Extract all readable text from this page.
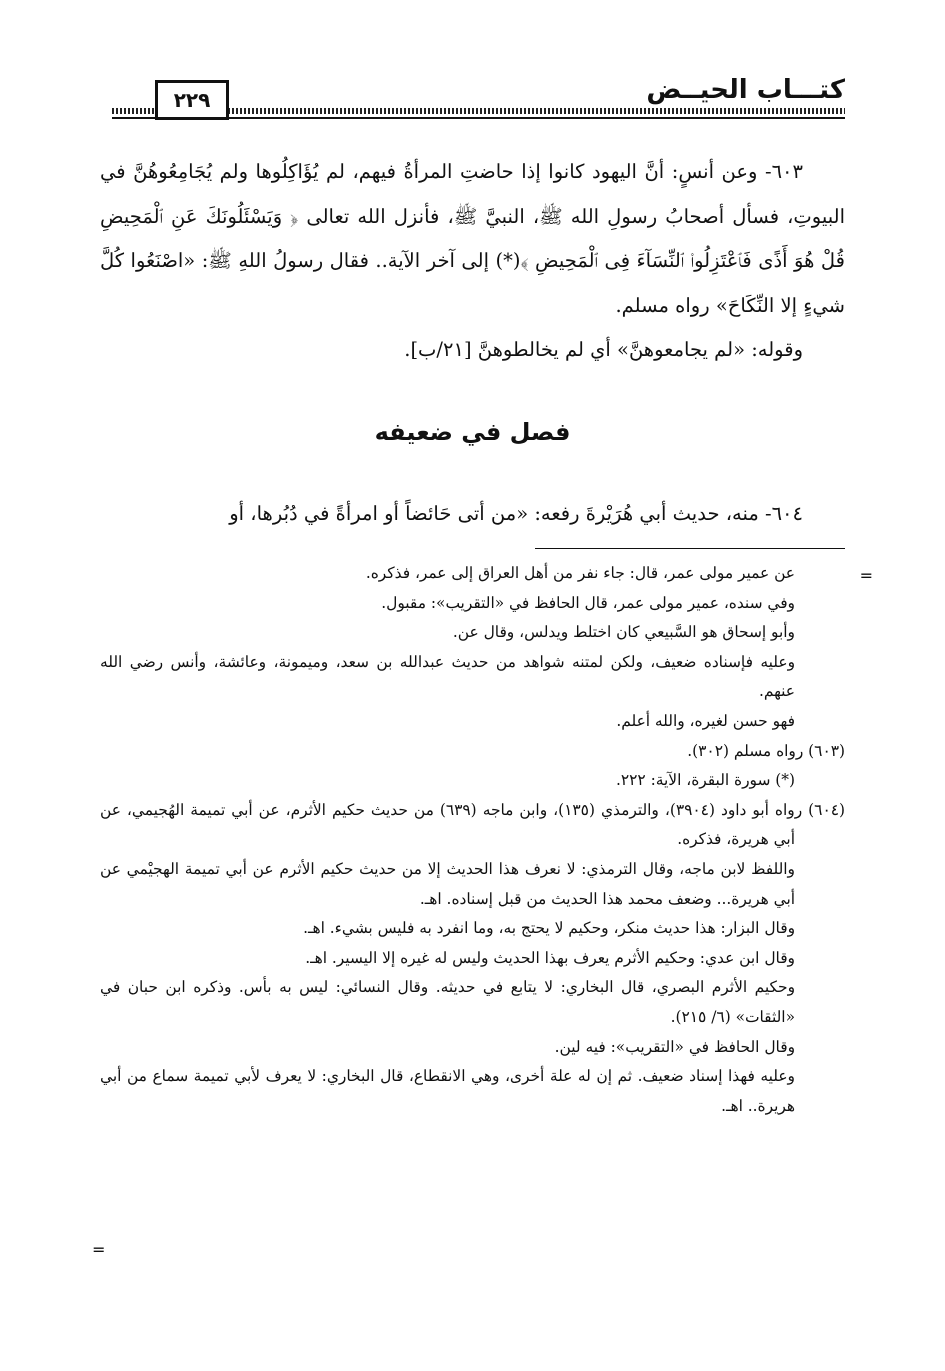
كتـــاب الحيــض
٢٢٩

٦٠٣- وعن أنسٍ: أنَّ اليهود كانوا إذا حاضتِ المرأةُ فيهم، لم يُؤَاكِلُوها ولم يُجَامِعُوهُنَّ في البيوتِ، فسأل أصحابُ رسولِ الله ﷺ، النبيَّ ﷺ، فأنزل الله تعالى ﴿ وَيَسْئَلُونَكَ عَنِ ٱلْمَحِيضِ قُلْ هُوَ أَذًى فَٱعْتَزِلُوا۟ ٱلنِّسَآءَ فِى ٱلْمَحِيضِ ﴾(*) إلى آخر الآية.. فقال رسولُ اللهِ ﷺ: «اصْنَعُوا كُلَّ شيءٍ إلا النِّكَاحَ» رواه مسلم.

وقوله: «لم يجامعوهنَّ» أي لم يخالطوهنَّ [٢١/ب].

فصل في ضعيفه
٦٠٤- منه، حديث أبي هُرَيْرةَ رفعه: «من أتى حَائضاً أو امرأةً في دُبُرها، أو
=

عن عمير مولى عمر، قال: جاء نفر من أهل العراق إلى عمر، فذكره.

وفي سنده، عمير مولى عمر، قال الحافظ في «التقريب»: مقبول.

وأبو إسحاق هو السَّبيعي كان اختلط ويدلس، وقال عن.

وعليه فإسناده ضعيف، ولكن لمتنه شواهد من حديث عبدالله بن سعد، وميمونة، وعائشة، وأنس رضي الله عنهم.

فهو حسن لغيره، والله أعلم.

(٦٠٣) رواه مسلم (٣٠٢).

(*) سورة البقرة، الآية: ٢٢٢.

(٦٠٤) رواه أبو داود (٣٩٠٤)، والترمذي (١٣٥)، وابن ماجه (٦٣٩) من حديث حكيم الأثرم، عن أبي تميمة الهُجيمي، عن أبي هريرة، فذكره.

واللفظ لابن ماجه، وقال الترمذي: لا نعرف هذا الحديث إلا من حديث حكيم الأثرم عن أبي تميمة الهجيْمي عن أبي هريرة... وضعف محمد هذا الحديث من قبل إسناده. اهـ.

وقال البزار: هذا حديث منكر، وحكيم لا يحتج به، وما انفرد به فليس بشيء. اهـ.

وقال ابن عدي: وحكيم الأثرم يعرف بهذا الحديث وليس له غيره إلا اليسير. اهـ.

وحكيم الأثرم البصري، قال البخاري: لا يتابع في حديثه. وقال النسائي: ليس به بأس. وذكره ابن حبان في «الثقات» (٦/ ٢١٥).

وقال الحافظ في «التقريب»: فيه لين.

وعليه فهذا إسناد ضعيف. ثم إن له علة أخرى، وهي الانقطاع، قال البخاري: لا يعرف لأبي تميمة سماع من أبي هريرة.. اهـ.

=
